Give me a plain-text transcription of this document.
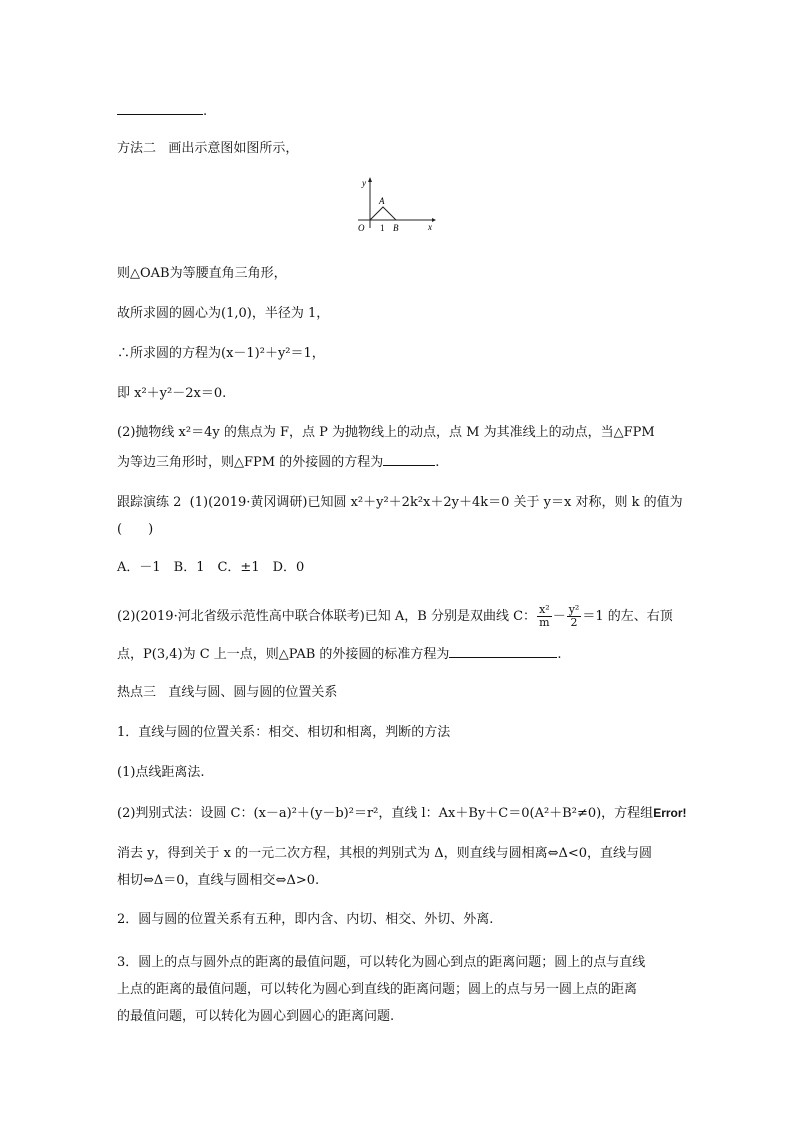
.
方法二 画出示意图如图所示，
y
x
O
A
1 B
则△OAB为等腰直角三角形，
故所求圆的圆心为(1,0)，半径为 1，
∴所求圆的方程为(x－1)²＋y²＝1，
即 x²＋y²－2x＝0.
(2)抛物线 x²＝4y 的焦点为 F，点 P 为抛物线上的动点，点 M 为其准线上的动点，当△FPM
为等边三角形时，则△FPM 的外接圆的方程为	.
跟踪演练 2 (1)(2019·黄冈调研)已知圆 x²＋y²＋2k²x＋2y＋4k＝0 关于 y＝x 对称，则 k 的值为
(　　)
A．－1　B．1　C．±1　D．0
(2)(2019·河北省级示范性高中联合体联考)已知 A，B 分别是双曲线 C： $\frac{\text{x²}}{m} - \frac{\text{y²}}{2} =1$ 的左、右顶
点，P(3,4)为 C 上一点，则△PAB 的外接圆的标准方程为	.
热点三 直线与圆、圆与圆的位置关系
1．直线与圆的位置关系：相交、相切和相离，判断的方法
(1)点线距离法.
(2)判别式法：设圆 C：(x－a)²＋(y－b)²＝r²，直线 l：Ax＋By＋C＝0(A²＋B²≠0)，方程组Error!
消去 y，得到关于 x 的一元二次方程，其根的判别式为 Δ，则直线与圆相离⇔Δ<0，直线与圆
相切⇔Δ＝0，直线与圆相交⇔Δ>0.
2．圆与圆的位置关系有五种，即内含、内切、相交、外切、外离.
3．圆上的点与圆外点的距离的最值问题，可以转化为圆心到点的距离问题；圆上的点与直线
上点的距离的最值问题，可以转化为圆心到直线的距离问题；圆上的点与另一圆上点的距离
的最值问题，可以转化为圆心到圆心的距离问题.
